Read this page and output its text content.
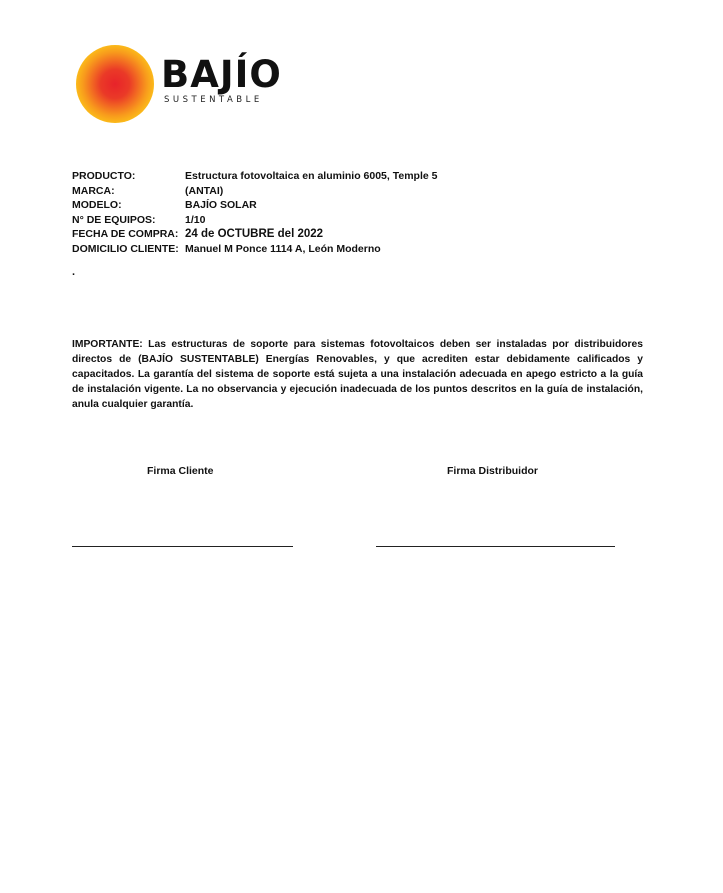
BAJÍO
SUSTENTABLE
PRODUCTO:	Estructura fotovoltaica en aluminio 6005, Temple 5
MARCA:	(ANTAI)
MODELO:	BAJÍO SOLAR
N° DE EQUIPOS:	1/10
FECHA DE COMPRA: 24 de OCTUBRE del 2022
DOMICILIO CLIENTE: Manuel M Ponce 1114 A, León Moderno
.
IMPORTANTE: Las estructuras de soporte para sistemas fotovoltaicos deben ser instaladas por distribuidores directos de (BAJÍO SUSTENTABLE) Energías Renovables, y que acrediten estar debidamente calificados y capacitados. La garantía del sistema de soporte está sujeta a una instalación adecuada en apego estricto a la guía de instalación vigente. La no observancia y ejecución inadecuada de los puntos descritos en la guía de instalación, anula cualquier garantía.
Firma Cliente	Firma Distribuidor
